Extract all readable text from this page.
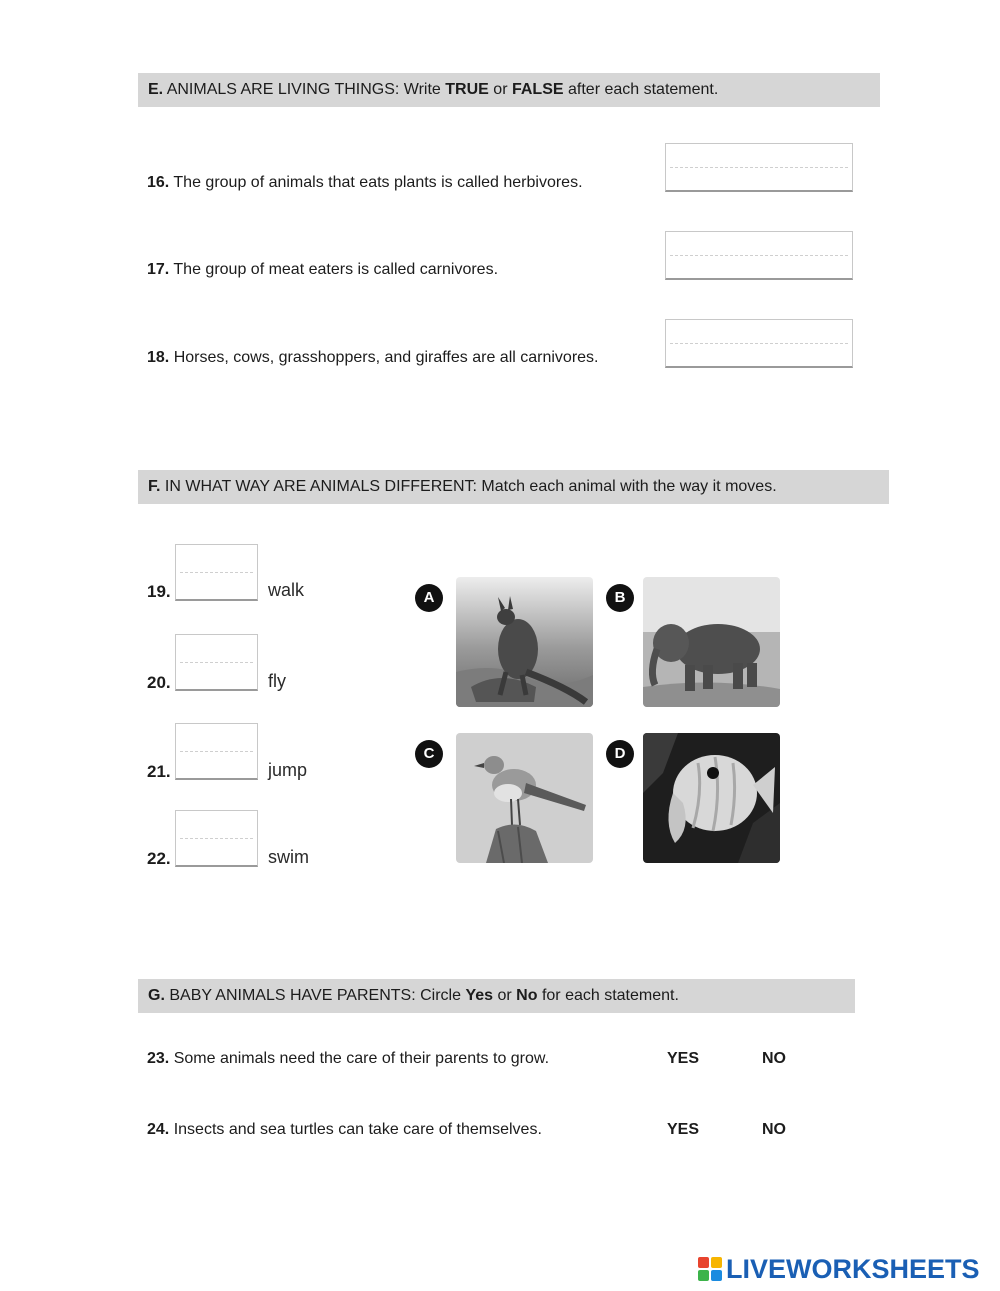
E. ANIMALS ARE LIVING THINGS: Write TRUE or FALSE after each statement.
16. The group of animals that eats plants is called herbivores.
17. The group of meat eaters is called carnivores.
18. Horses, cows, grasshoppers, and giraffes are all carnivores.
F. IN WHAT WAY ARE ANIMALS DIFFERENT: Match each animal with the way it moves.
19.	walk
20.	fly
21.	jump
22.	swim
A	B
C	D
G. BABY ANIMALS HAVE PARENTS: Circle Yes or No for each statement.
23. Some animals need the care of their parents to grow.	YES	NO
24. Insects and sea turtles can take care of themselves.	YES	NO
LIVEWORKSHEETS
